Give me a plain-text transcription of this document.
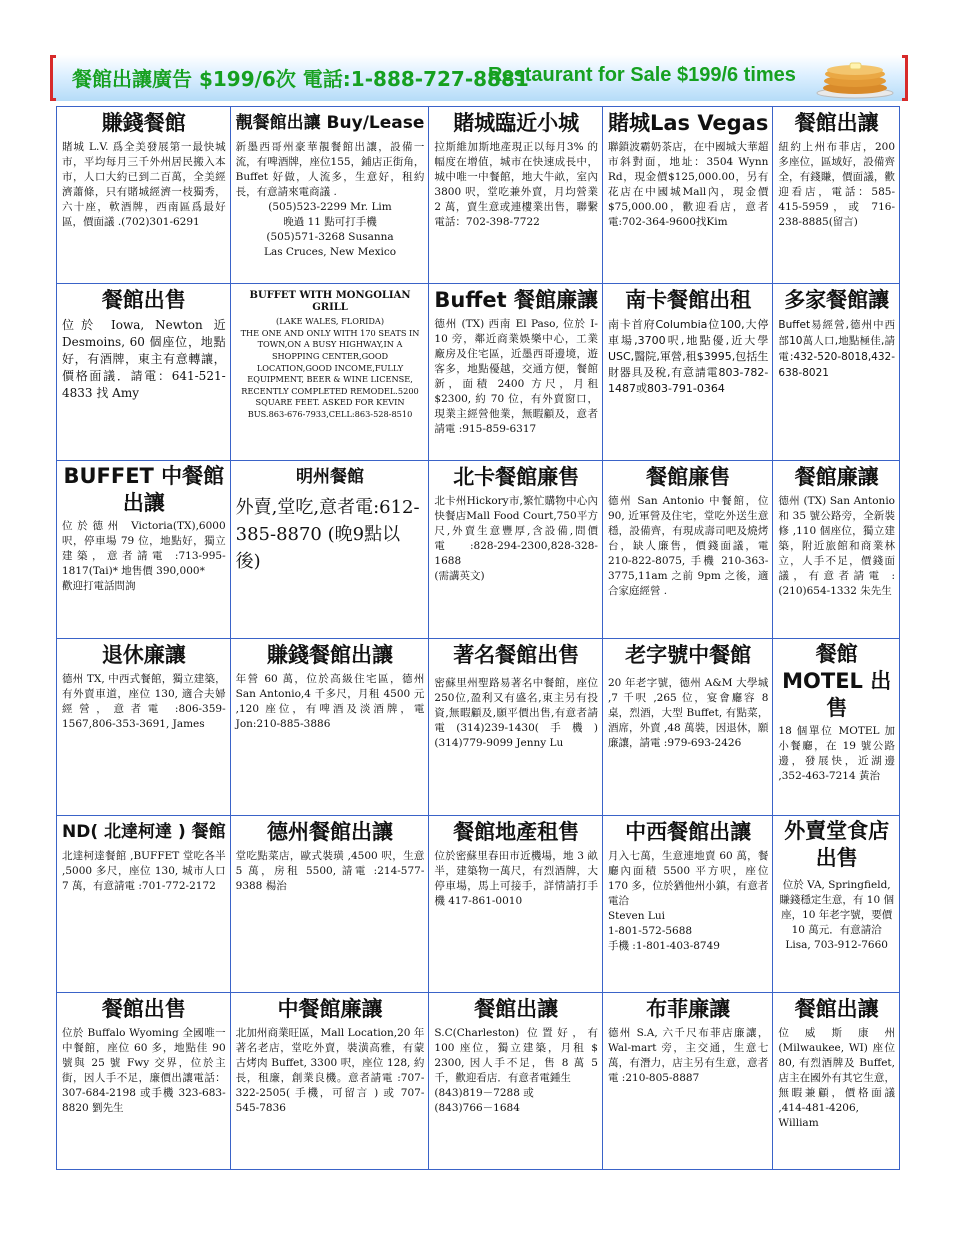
餐館出讓廣告 $199/6次 電話:1-888-727-8881
Restaurant for Sale $199/6 times
賺錢餐館
賭城 L.V. 爲全美發展第一最快城市，平均每月三千外州居民搬入本市，人口大約已到二百萬，全美經濟蕭條，只有賭城經濟一枝獨秀，六十座，軟酒牌，西南區爲最好區，價面議 .(702)301-6291
靚餐館出讓 Buy/Lease
新墨西哥州豪華靚餐館出讓，設備一流，有啤酒牌，座位155，鋪店正街角，Buffet 好做，人流多，生意好，租約長，有意請來電商議 .
(505)523-2299 Mr. Lim
晚過 11 點可打手機
(505)571-3268 Susanna
Las Cruces, New Mexico
賭城臨近小城
拉斯維加斯地產現正以每月3% 的幅度在增值，城市在快速成長中，城中唯一中餐館，地大牛畝，室內 3800 呎，堂吃兼外賣，月均營業 2 萬，賣生意或連樓業出售，聯繫電話：702-398-7722
賭城Las Vegas
聯鎖波霸奶茶店，在中國城大華超市斜對面，地址：3504 Wynn Rd，現金價$125,000.00，另有花店在中國城Mall內，現金價$75,000.00，歡迎看店，意者電:702-364-9600找Kim
餐館出讓
紐約上州布菲店，200 多座位，區域好，設備齊全，有錢賺，價面議，歡迎看店，電話：585-415-5959，或 716-238-8885(留言)
餐館出售
位於 Iowa, Newton 近 Desmoins, 60 個座位，地點好，有酒牌，東主有意轉讓，價格面議．請電：641-521-4833 找 Amy
BUFFET WITH MONGOLIAN GRILL
(LAKE WALES, FLORIDA)
THE ONE AND ONLY WITH 170 SEATS IN TOWN,ON A BUSY HIGHWAY,IN A SHOPPING CENTER,GOOD LOCATION,GOOD INCOME,FULLY EQUIPMENT, BEER & WINE LICENSE, RECENTLY COMPLETED REMODEL.5200 SQUARE FEET. ASKED FOR KEVIN
BUS.863-676-7933,CELL:863-528-8510
Buffet 餐館廉讓
德州 (TX) 西南 El Paso, 位於 I-10 旁，鄰近商業娛樂中心，工業廠房及住宅區，近墨西哥邊境，遊客多，地點優越，交通方便，餐館新，面積 2400 方尺，月租 $2300, 約 70 位，有外賣窗口，現業主經營他業，無暇顧及，意者請電 :915-859-6317
南卡餐館出租
南卡首府Columbia位100,大停車場,3700呎,地點優,近大學USC,醫院,軍營,租$3995,包括生財器具及稅,有意請電803-782-1487或803-791-0364
多家餐館讓
Buffet易經營,德州中西部10萬人口,地點極佳,請電:432-520-8018,432-638-8021
BUFFET 中餐館出讓
位於德州 Victoria(TX),6000 呎，停車場 79 位，地點好，獨立建築，意者請電 :713-995-1817(Tai)* 地售價 390,000*
歡迎打電話問詢
明州餐館
外賣,堂吃,意者電:612-385-8870 (晚9點以後)
北卡餐館廉售
北卡州Hickory市,繁忙購物中心內快餐店Mall Food Court,750平方尺,外賣生意豐厚,含設備,問價電:828-294-2300,828-328-1688
(需講英文)
餐館廉售
德州 San Antonio 中餐館，位90, 近軍營及住宅，堂吃外送生意穩，設備齊，有現成壽司吧及燒烤台，缺人廉售，價錢面議，電 210-822-8075, 手機 210-363-3775,11am 之前 9pm 之後，適合家庭經營 .
餐館廉讓
德州 (TX) San Antonio 和 35 號公路旁，全新裝修 ,110 個座位，獨立建築，附近旅館和商業林立，人手不足，價錢面議，有意者請電 :(210)654-1332 朱先生
退休廉讓
德州 TX, 中西式餐館，獨立建築，有外賣車道，座位 130, 適合夫婦經營，意者電 :806-359-1567,806-353-3691, James
賺錢餐館出讓
年營 60 萬，位於高級住宅區，德州 San Antonio,4 千多尺，月租 4500 元 ,120 座位，有啤酒及淡酒牌，電 Jon:210-885-3886
著名餐館出售
密蘇里州聖路易著名中餐館，座位250位,盈利又有盛名,東主另有投資,無暇顧及,願平價出售,有意者請電(314)239-1430(手機)(314)779-9099 Jenny Lu
老字號中餐館
20 年老字號，德州 A&M 大學城 ,7 千呎 ,265 位，宴會廳容 8 桌，烈酒，大型 Buffet, 有點菜，酒席，外賣 ,48 萬裝，因退休，願廉讓，請電 :979-693-2426
餐館 MOTEL 出 售
18 個單位 MOTEL 加小餐廳，在 19 號公路邊，發展快，近湖邊 ,352-463-7214 黃治
ND( 北達柯達 ) 餐館
北達柯達餐館 ,BUFFET 堂吃各半 ,5000 多尺，座位 130, 城市人口 7 萬，有意請電 :701-772-2172
德州餐館出讓
堂吃點菜店，歐式裝璜 ,4500 呎，生意 5 萬，房租 5500, 請電 :214-577-9388 楊治
餐館地產租售
位於密蘇里春田市近機場，地 3 畝半，建築物一萬尺，有烈酒牌，大停車場，馬上可接手，詳情請打手機 417-861-0010
中西餐館出讓
月入七萬，生意連地賣 60 萬，餐廳內面積 5500 平方呎，座位 170 多，位於猶他州小鎮，有意者電洽
Steven Lui
1-801-572-5688
手機 :1-801-403-8749
外賣堂食店 出售
位於 VA, Springfield, 賺錢穩定生意，有 10 個座，10 年老字號，要價 10 萬元．有意請洽
Lisa, 703-912-7660
餐館出售
位於 Buffalo Wyoming 全國唯一中餐館，座位 60 多，地點佳 90 號與 25 號 Fwy 交界，位於主街，因人手不足，廉價出讓電話：307-684-2198 或手機 323-683-8820 劉先生
中餐館廉讓
北加州商業旺區，Mall Location,20 年著名老店，堂吃外賣，裝潢高雅，有蒙古烤肉 Buffet, 3300 呎，座位 128, 約長，租廉，創業良機。意者請電 :707-322-2505( 手機，可留言 ) 或 707-545-7836
餐館出讓
S.C(Charleston) 位置好，有 100 座位，獨立建築，月租 $ 2300, 因人手不足，售 8 萬 5 千，歡迎看店．有意者電鍾生
(843)819－7288 或
(843)766－1684
布菲廉讓
德州 S.A, 六千尺布菲店廉讓，Wal-mart 旁，主交通，生意七萬，有潛力，店主另有生意，意者電 :210-805-8887
餐館出讓
位威斯康州 (Milwaukee, WI) 座位 80, 有烈酒牌及 Buffet, 店主在國外有其它生意，無暇兼顧，價格面議 ,414-481-4206, William
